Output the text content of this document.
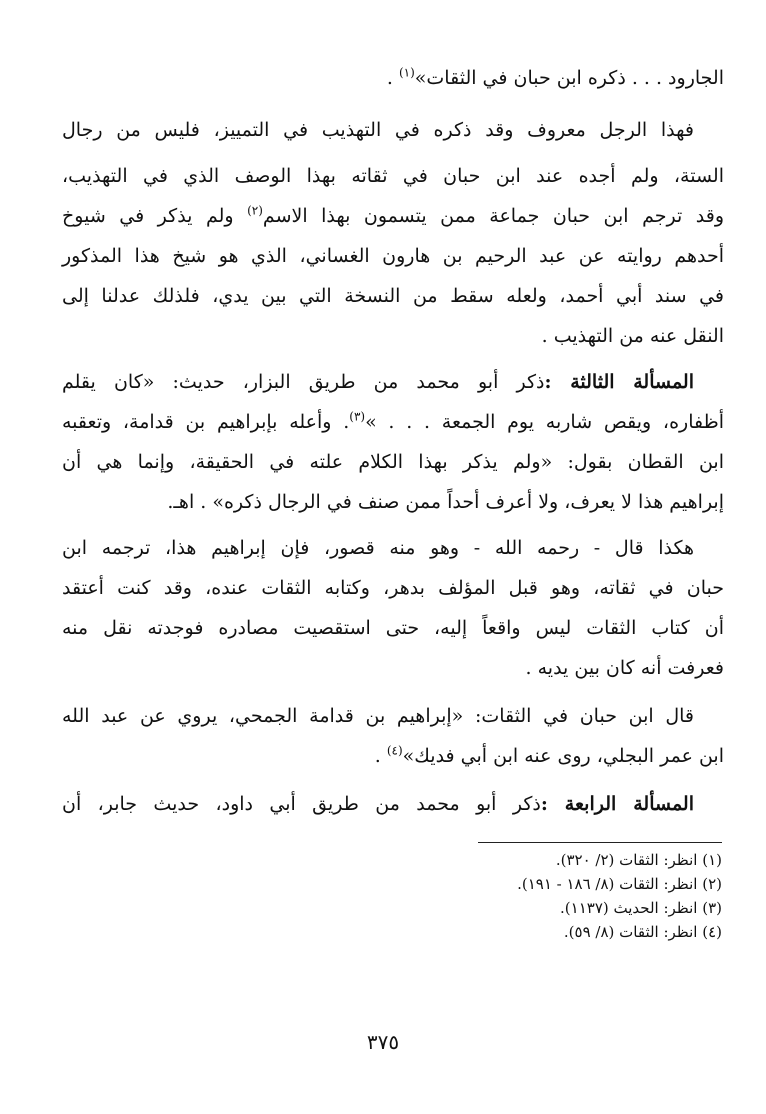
الجارود . . . ذكره ابن حبان في الثقات»$^{(١)}$ .
فهذا الرجل معروف وقد ذكره في التهذيب في التمييز، فليس من رجال
الستة، ولم أجده عند ابن حبان في ثقاته بهذا الوصف الذي في التهذيب،
وقد ترجم ابن حبان جماعة ممن يتسمون بهذا الاسم$^{(٢)}$ ولم يذكر في شيوخ
أحدهم روايته عن عبد الرحيم بن هارون الغساني، الذي هو شيخ هذا المذكور
في سند أبي أحمد، ولعله سقط من النسخة التي بين يدي، فلذلك عدلنا إلى
النقل عنه من التهذيب .
المسألة الثالثة :ذكر أبو محمد من طريق البزار، حديث: «كان يقلم
أظفاره، ويقص شاربه يوم الجمعة . . . »$^{(٣)}$. وأعله بإبراهيم بن قدامة، وتعقبه
ابن القطان بقول: «ولم يذكر بهذا الكلام علته في الحقيقة، وإنما هي أن
إبراهيم هذا لا يعرف، ولا أعرف أحداً ممن صنف في الرجال ذكره» . اهـ.
هكذا قال - رحمه الله - وهو منه قصور، فإن إبراهيم هذا، ترجمه ابن
حبان في ثقاته، وهو قبل المؤلف بدهر، وكتابه الثقات عنده، وقد كنت أعتقد
أن كتاب الثقات ليس واقعاً إليه، حتى استقصيت مصادره فوجدته نقل منه
فعرفت أنه كان بين يديه .
قال ابن حبان في الثقات: «إبراهيم بن قدامة الجمحي، يروي عن عبد الله
ابن عمر البجلي، روى عنه ابن أبي فديك»$^{(٤)}$ .
المسألة الرابعة :ذكر أبو محمد من طريق أبي داود، حديث جابر، أن
(١) انظر: الثقات (٢/ ٣٢٠).
(٢) انظر: الثقات (٨/ ١٨٦ - ١٩١).
(٣) انظر: الحديث (١١٣٧).
(٤) انظر: الثقات (٨/ ٥٩).
٣٧٥
